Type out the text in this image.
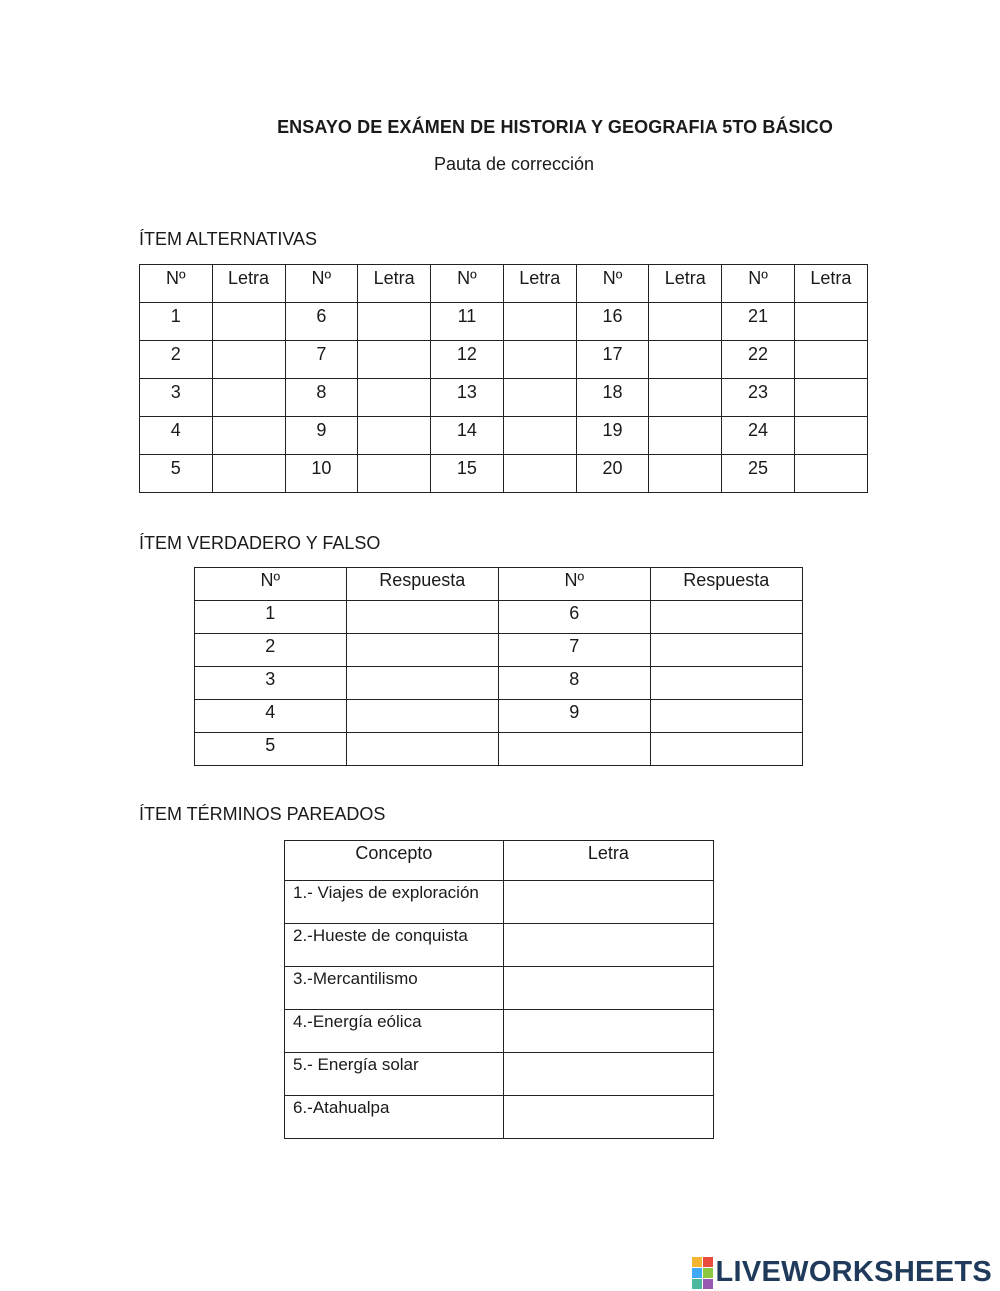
ENSAYO DE EXÁMEN DE HISTORIA Y GEOGRAFIA 5TO BÁSICO
Pauta de corrección
ÍTEM ALTERNATIVAS
Nº	Letra	Nº	Letra	Nº	Letra	Nº	Letra	Nº	Letra

1		6		11		16		21	

2		7		12		17		22	

3		8		13		18		23	

4		9		14		19		24	

5		10		15		20		25	

ÍTEM VERDADERO Y FALSO
Nº	Respuesta	Nº	Respuesta

1		6	

2		7	

3		8	

4		9	

5			

ÍTEM TÉRMINOS PAREADOS
Concepto	Letra

1.- Viajes de exploración	

2.-Hueste de conquista	

3.-Mercantilismo	

4.-Energía eólica	

5.- Energía solar	

6.-Atahualpa	

LIVEWORKSHEETS
